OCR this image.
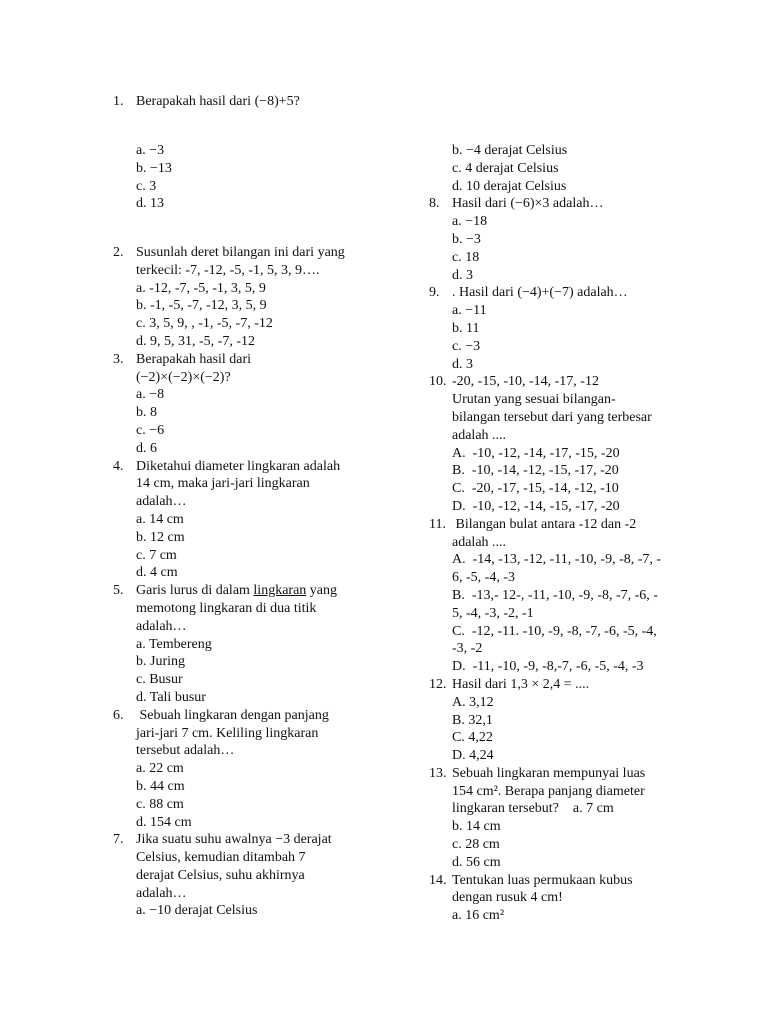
1. Berapakah hasil dari (−8)+5?
a. −3
b. −13
c. 3
d. 13
2. Susunlah deret bilangan ini dari yang
terkecil: -7, -12, -5, -1, 5, 3, 9….
a. -12, -7, -5, -1, 3, 5, 9
b. -1, -5, -7, -12, 3, 5, 9
c. 3, 5, 9, , -1, -5, -7, -12
d. 9, 5, 31, -5, -7, -12
3. Berapakah hasil dari
(−2)×(−2)×(−2)?
a. −8
b. 8
c. −6
d. 6
4. Diketahui diameter lingkaran adalah
14 cm, maka jari-jari lingkaran
adalah…
a. 14 cm
b. 12 cm
c. 7 cm
d. 4 cm
5. Garis lurus di dalam lingkaran yang
memotong lingkaran di dua titik
adalah…
a. Tembereng
b. Juring
c. Busur
d. Tali busur
6. Sebuah lingkaran dengan panjang
jari-jari 7 cm. Keliling lingkaran
tersebut adalah…
a. 22 cm
b. 44 cm
c. 88 cm
d. 154 cm
7. Jika suatu suhu awalnya −3 derajat
Celsius, kemudian ditambah 7
derajat Celsius, suhu akhirnya
adalah…
a. −10 derajat Celsius
b. −4 derajat Celsius
c. 4 derajat Celsius
d. 10 derajat Celsius
8. Hasil dari (−6)×3 adalah…
a. −18
b. −3
c. 18
d. 3
9. . Hasil dari (−4)+(−7) adalah…
a. −11
b. 11
c. −3
d. 3
10. -20, -15, -10, -14, -17, -12
Urutan yang sesuai bilangan-
bilangan tersebut dari yang terbesar
adalah ....
A.  -10, -12, -14, -17, -15, -20
B.  -10, -14, -12, -15, -17, -20
C.  -20, -17, -15, -14, -12, -10
D.  -10, -12, -14, -15, -17, -20
11. Bilangan bulat antara -12 dan -2
adalah ....
A.  -14, -13, -12, -11, -10, -9, -8, -7, -
6, -5, -4, -3
B.  -13,- 12-, -11, -10, -9, -8, -7, -6, -
5, -4, -3, -2, -1
C.  -12, -11. -10, -9, -8, -7, -6, -5, -4,
-3, -2
D.  -11, -10, -9, -8,-7, -6, -5, -4, -3
12. Hasil dari 1,3 × 2,4 = ....
A. 3,12
B. 32,1
C. 4,22
D. 4,24
13. Sebuah lingkaran mempunyai luas
154 cm². Berapa panjang diameter
lingkaran tersebut?    a. 7 cm
b. 14 cm
c. 28 cm
d. 56 cm
14. Tentukan luas permukaan kubus
dengan rusuk 4 cm!
a. 16 cm²
